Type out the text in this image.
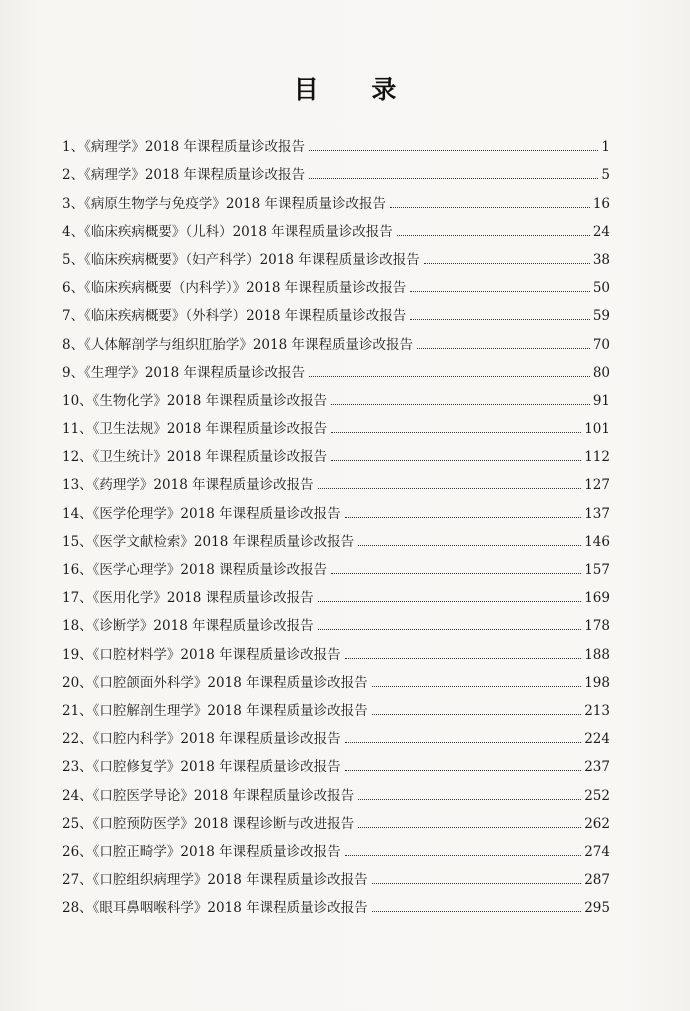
目 录
1、《病理学》2018 年课程质量诊改报告	1
2、《病理学》2018 年课程质量诊改报告	5
3、《病原生物学与免疫学》2018 年课程质量诊改报告	16
4、《临床疾病概要》（儿科）2018 年课程质量诊改报告	24
5、《临床疾病概要》（妇产科学）2018 年课程质量诊改报告	38
6、《临床疾病概要（内科学）》2018 年课程质量诊改报告	50
7、《临床疾病概要》（外科学）2018 年课程质量诊改报告	59
8、《人体解剖学与组织肛胎学》2018 年课程质量诊改报告	70
9、《生理学》2018 年课程质量诊改报告	80
10、《生物化学》2018 年课程质量诊改报告	91
11、《卫生法规》2018 年课程质量诊改报告	101
12、《卫生统计》2018 年课程质量诊改报告	112
13、《药理学》2018 年课程质量诊改报告	127
14、《医学伦理学》2018 年课程质量诊改报告	137
15、《医学文献检索》2018 年课程质量诊改报告	146
16、《医学心理学》2018 课程质量诊改报告	157
17、《医用化学》2018 课程质量诊改报告	169
18、《诊断学》2018 年课程质量诊改报告	178
19、《口腔材料学》2018 年课程质量诊改报告	188
20、《口腔颌面外科学》2018 年课程质量诊改报告	198
21、《口腔解剖生理学》2018 年课程质量诊改报告	213
22、《口腔内科学》2018 年课程质量诊改报告	224
23、《口腔修复学》2018 年课程质量诊改报告	237
24、《口腔医学导论》2018 年课程质量诊改报告	252
25、《口腔预防医学》2018 课程诊断与改进报告	262
26、《口腔正畸学》2018 年课程质量诊改报告	274
27、《口腔组织病理学》2018 年课程质量诊改报告	287
28、《眼耳鼻咽喉科学》2018 年课程质量诊改报告	295
